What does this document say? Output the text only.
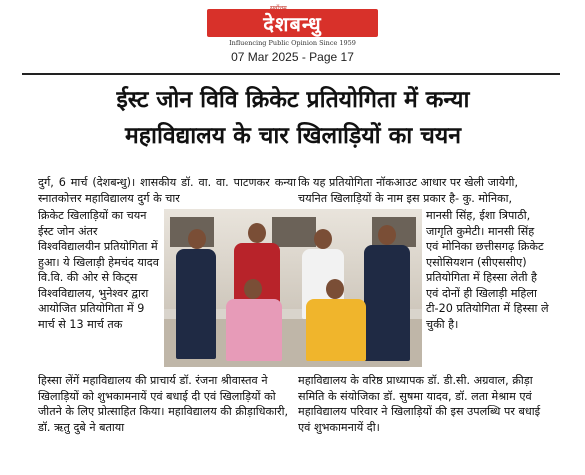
देशबन्धु
Influencing Public Opinion Since 1959
07 Mar 2025 - Page 17
ईस्ट जोन विवि क्रिकेट प्रतियोगिता में कन्या
महाविद्यालय के चार खिलाड़ियों का चयन

दुर्ग, 6 मार्च (देशबन्धु)। शासकीय डॉ. वा. वा. पाटणकर कन्या स्नातकोत्तर महाविद्यालय दुर्ग के चार

क्रिकेट खिलाड़ियों का चयन ईस्ट जोन अंतर विश्वविद्यालयीन प्रतियोगिता में हुआ। ये खिलाड़ी हेमचंद यादव वि.वि. की ओर से किट्स विश्वविद्यालय, भुनेश्वर द्वारा आयोजित प्रतियोगिता में 9 मार्च से 13 मार्च तक

कि यह प्रतियोगिता नॉकआउट आधार पर खेली जायेगी, चयनित खिलाड़ियों के नाम इस प्रकार है- कु. मोनिका,

मानसी सिंह, ईशा त्रिपाठी, जागृति कुमेटी। मानसी सिंह एवं मोनिका छत्तीसगढ़ क्रिकेट एसोसियशन (सीएससीए) प्रतियोगिता में हिस्सा लेती है एवं दोनों ही खिलाड़ी महिला टी-20 प्रतियोगिता में हिस्सा ले चुकी है।

हिस्सा लेंगें महाविद्यालय की प्राचार्य डॉ. रंजना श्रीवास्तव ने खिलाड़ियों को शुभकामनायें एवं बधाई दी एवं खिलाड़ियों को जीतने के लिए प्रोत्साहित किया। महाविद्यालय की क्रीड़ाधिकारी, डॉ. ऋतु दुबे ने बताया

महाविद्यालय के वरिष्ठ प्राध्यापक डॉ. डी.सी. अग्रवाल, क्रीड़ा समिति के संयोजिका डॉ. सुषमा यादव, डॉ. लता मेश्राम एवं महाविद्यालय परिवार ने खिलाड़ियों की इस उपलब्धि पर बधाई एवं शुभकामनायें दी।
